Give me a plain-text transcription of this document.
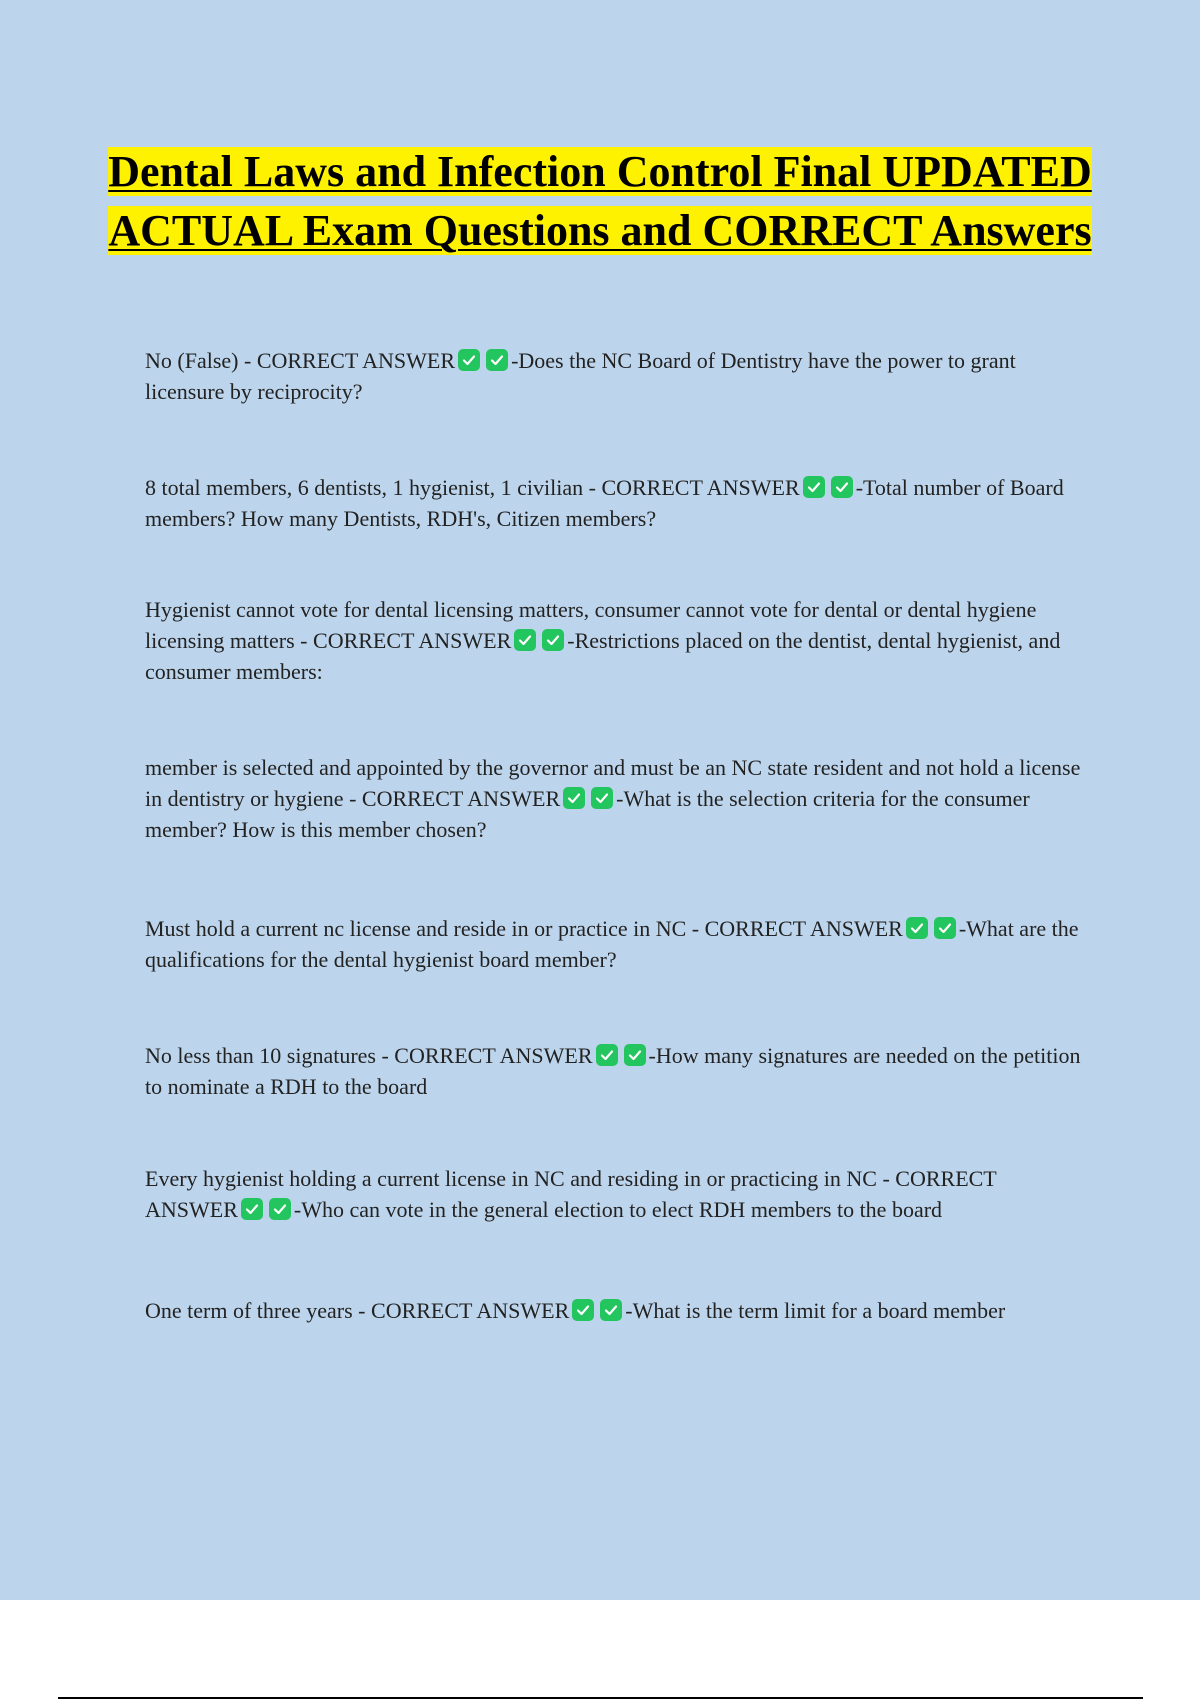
Dental Laws and Infection Control Final UPDATED ACTUAL Exam Questions and CORRECT Answers
No (False) - CORRECT ANSWER	-Does the NC Board of Dentistry have the power to grant licensure by reciprocity?
8 total members, 6 dentists, 1 hygienist, 1 civilian - CORRECT ANSWER	-Total number of Board members? How many Dentists, RDH's, Citizen members?
Hygienist cannot vote for dental licensing matters, consumer cannot vote for dental or dental hygiene licensing matters - CORRECT ANSWER	-Restrictions placed on the dentist, dental hygienist, and consumer members:
member is selected and appointed by the governor and must be an NC state resident and not hold a license in dentistry or hygiene - CORRECT ANSWER	-What is the selection criteria for the consumer member? How is this member chosen?
Must hold a current nc license and reside in or practice in NC - CORRECT ANSWER	-What are the qualifications for the dental hygienist board member?
No less than 10 signatures - CORRECT ANSWER	-How many signatures are needed on the petition to nominate a RDH to the board
Every hygienist holding a current license in NC and residing in or practicing in NC - CORRECT ANSWER	-Who can vote in the general election to elect RDH members to the board
One term of three years - CORRECT ANSWER	-What is the term limit for a board member
